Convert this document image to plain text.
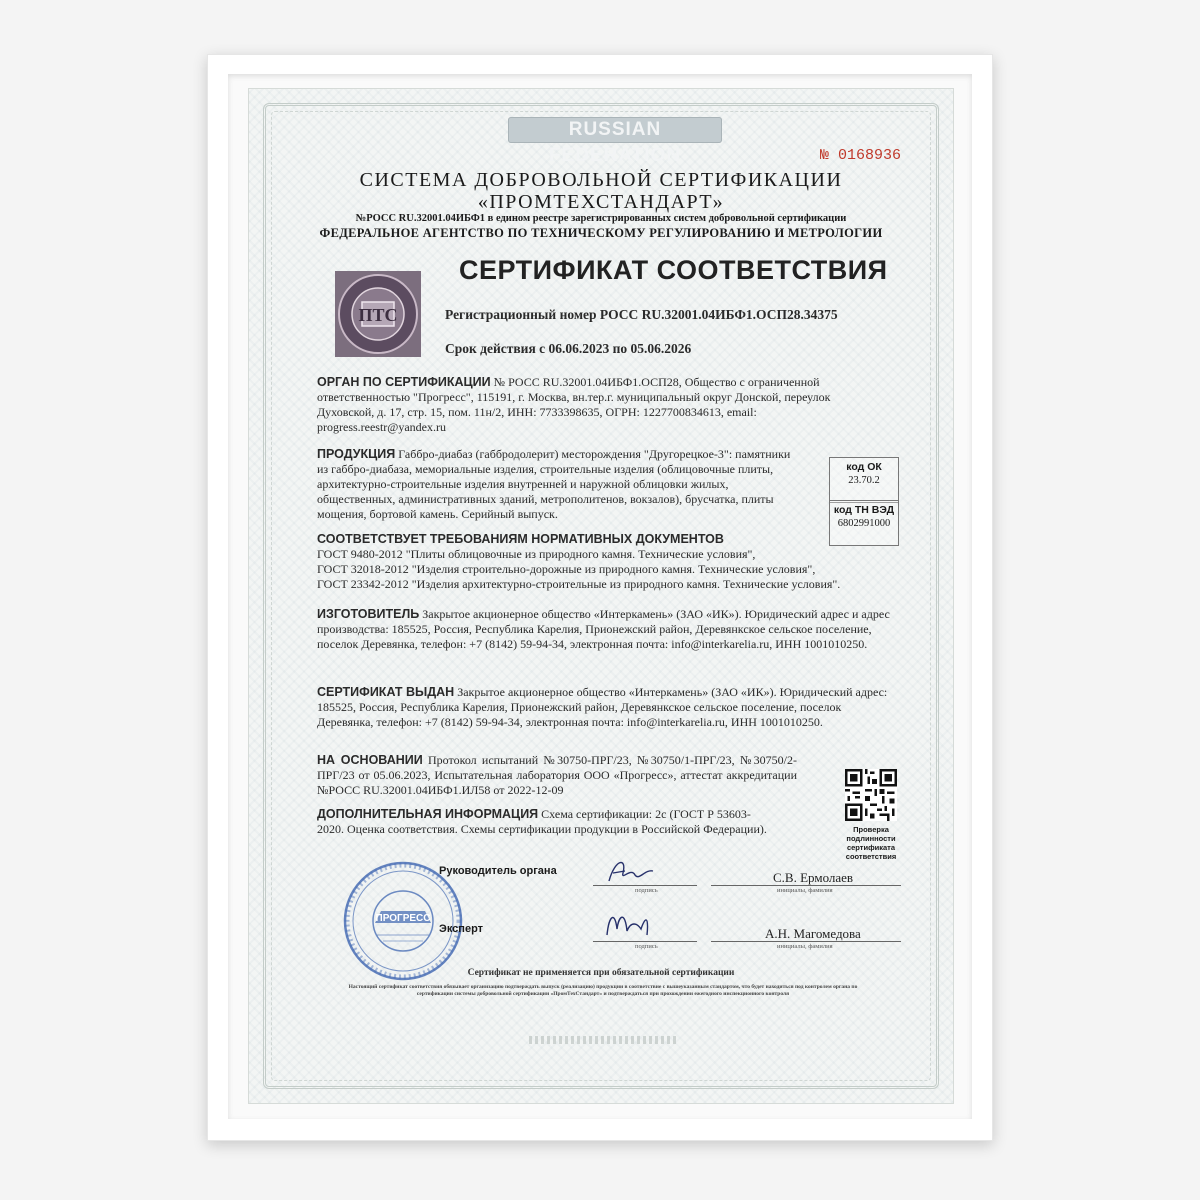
RUSSIAN FEDERATION	№ 0168936
СИСТЕМА ДОБРОВОЛЬНОЙ СЕРТИФИКАЦИИ
«ПРОМТЕХСТАНДАРТ»
№РОСС RU.32001.04ИБФ1 в едином реестре зарегистрированных систем добровольной сертификации
ФЕДЕРАЛЬНОЕ АГЕНТСТВО ПО ТЕХНИЧЕСКОМУ РЕГУЛИРОВАНИЮ И МЕТРОЛОГИИ
ПТС
СЕРТИФИКАТ СООТВЕТСТВИЯ
Регистрационный номер РОСС RU.32001.04ИБФ1.ОСП28.34375
Срок действия с 06.06.2023 по 05.06.2026
ОРГАН ПО СЕРТИФИКАЦИИ № РОСС RU.32001.04ИБФ1.ОСП28, Общество с ограниченной ответственностью "Прогресс", 115191, г. Москва, вн.тер.г. муниципальный округ Донской, переулок Духовской, д. 17, стр. 15, пом. 11н/2, ИНН: 7733398635, ОГРН: 1227700834613, email: progress.reestr@yandex.ru
ПРОДУКЦИЯ Габбро-диабаз (габбродолерит) месторождения "Другорецкое-3": памятники из габбро-диабаза, мемориальные изделия, строительные изделия (облицовочные плиты, архитектурно-строительные изделия внутренней и наружной облицовки жилых, общественных, административных зданий, метрополитенов, вокзалов), брусчатка, плиты мощения, бортовой камень. Серийный выпуск.
код ОК
23.70.2
код ТН ВЭД
6802991000
СООТВЕТСТВУЕТ ТРЕБОВАНИЯМ НОРМАТИВНЫХ ДОКУМЕНТОВ
ГОСТ 9480-2012 "Плиты облицовочные из природного камня. Технические условия",
ГОСТ 32018-2012 "Изделия строительно-дорожные из природного камня. Технические условия",
ГОСТ 23342-2012 "Изделия архитектурно-строительные из природного камня. Технические условия".
ИЗГОТОВИТЕЛЬ Закрытое акционерное общество «Интеркамень» (ЗАО «ИК»). Юридический адрес и адрес производства: 185525, Россия, Республика Карелия, Прионежский район, Деревянкское сельское поселение, поселок Деревянка, телефон: +7 (8142) 59-94-34, электронная почта: info@interkarelia.ru, ИНН 1001010250.
СЕРТИФИКАТ ВЫДАН Закрытое акционерное общество «Интеркамень» (ЗАО «ИК»). Юридический адрес: 185525, Россия, Республика Карелия, Прионежский район, Деревянкское сельское поселение, поселок Деревянка, телефон: +7 (8142) 59-94-34, электронная почта: info@interkarelia.ru, ИНН 1001010250.
НА ОСНОВАНИИ Протокол испытаний №30750-ПРГ/23, №30750/1-ПРГ/23, №30750/2-ПРГ/23 от 05.06.2023, Испытательная лаборатория ООО «Прогресс», аттестат аккредитации №РОСС RU.32001.04ИБФ1.ИЛ58 от 2022-12-09
ДОПОЛНИТЕЛЬНАЯ ИНФОРМАЦИЯ Схема сертификации: 2с (ГОСТ Р 53603-2020. Оценка соответствия. Схемы сертификации продукции в Российской Федерации).	Проверка подлинности сертификата соответствия
ПРОГРЕСС
Руководитель органа
Эксперт
подпись
подпись
инициалы, фамилия
инициалы, фамилия
С.В. Ермолаев
А.Н. Магомедова
Сертификат не применяется при обязательной сертификации
Настоящий сертификат соответствия обязывает организацию подтверждать выпуск (реализацию) продукции в соответствие с вышеуказанным стандартом, что будет находиться под контролем органа по сертификации системы добровольной сертификации «ПромТехСтандарт» и подтверждаться при прохождении ежегодного инспекционного контроля
